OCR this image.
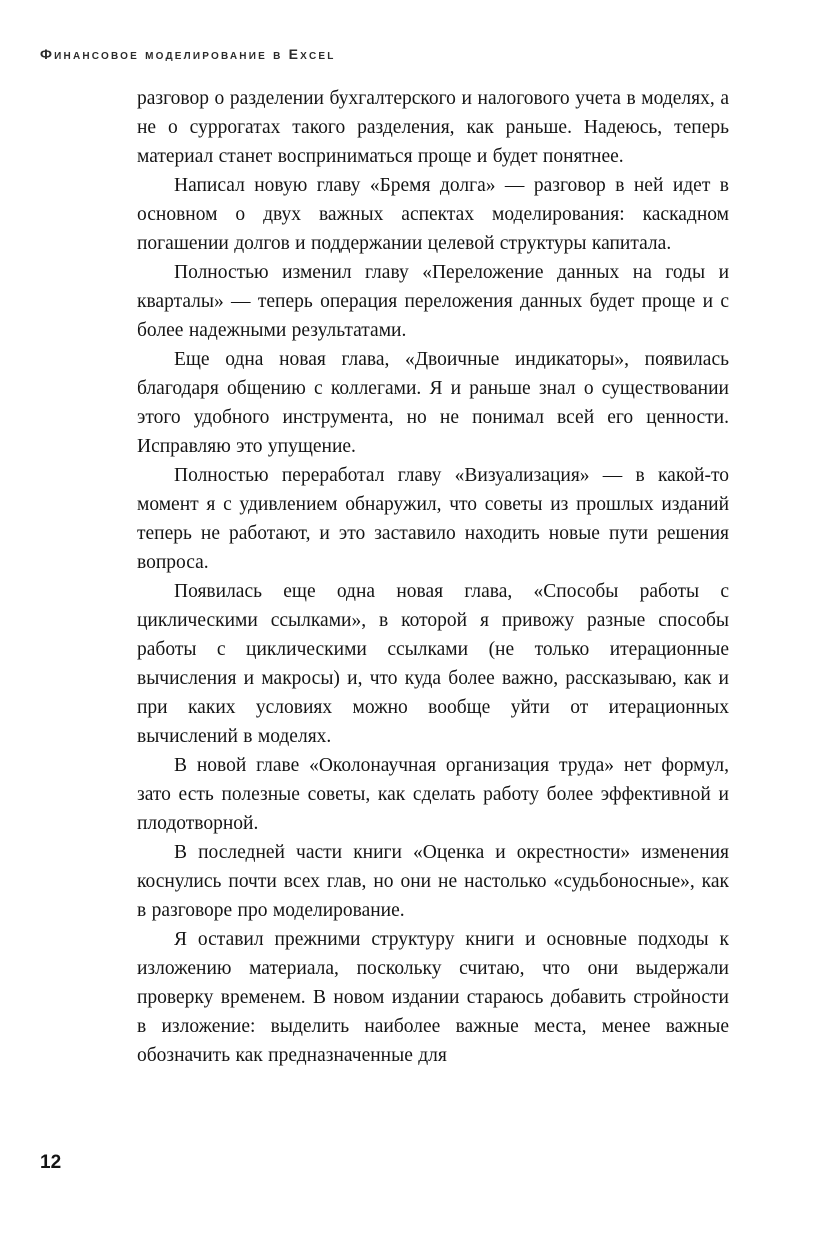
Финансовое моделирование в Excel

разговор о разделении бухгалтерского и налогового учета в моделях, а не о суррогатах такого разделения, как раньше. Надеюсь, теперь материал станет восприниматься проще и будет понятнее.

Написал новую главу «Бремя долга» — разговор в ней идет в основном о двух важных аспектах моделирования: каскадном погашении долгов и поддержании целевой структуры капитала.

Полностью изменил главу «Переложение данных на годы и кварталы» — теперь операция переложения данных будет проще и с более надежными результатами.

Еще одна новая глава, «Двоичные индикаторы», появилась благодаря общению с коллегами. Я и раньше знал о существовании этого удобного инструмента, но не понимал всей его ценности. Исправляю это упущение.

Полностью переработал главу «Визуализация» — в какой-то момент я с удивлением обнаружил, что советы из прошлых изданий теперь не работают, и это заставило находить новые пути решения вопроса.

Появилась еще одна новая глава, «Способы работы с циклическими ссылками», в которой я привожу разные способы работы с циклическими ссылками (не только итерационные вычисления и макросы) и, что куда более важно, рассказываю, как и при каких условиях можно вообще уйти от итерационных вычислений в моделях.

В новой главе «Околонаучная организация труда» нет формул, зато есть полезные советы, как сделать работу более эффективной и плодотворной.

В последней части книги «Оценка и окрестности» изменения коснулись почти всех глав, но они не настолько «судьбоносные», как в разговоре про моделирование.

Я оставил прежними структуру книги и основные подходы к изложению материала, поскольку считаю, что они выдержали проверку временем. В новом издании стараюсь добавить стройности в изложение: выделить наиболее важные места, менее важные обозначить как предназначенные для

12
